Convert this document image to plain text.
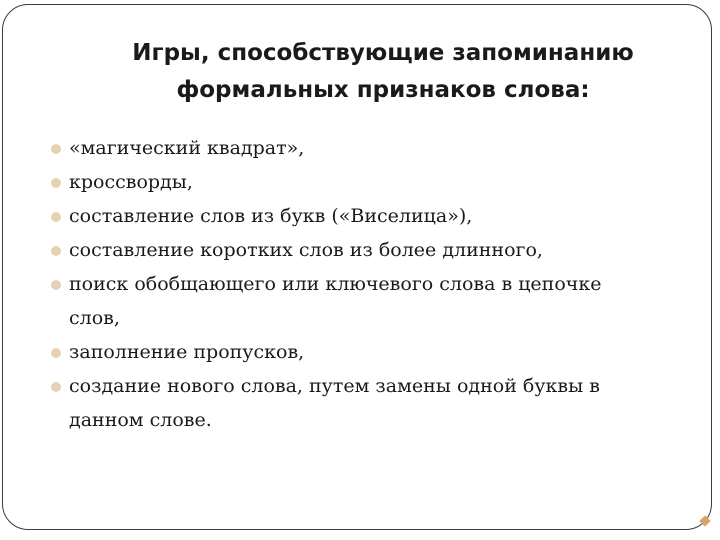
Игры, способствующие запоминанию
формальных признаков слова:
«магический квадрат»,
кроссворды,
составление слов из букв («Виселица»),
составление коротких слов из более длинного,
поиск обобщающего или ключевого слова в цепочке слов,
заполнение пропусков,
создание нового слова, путем замены одной буквы в данном слове.
